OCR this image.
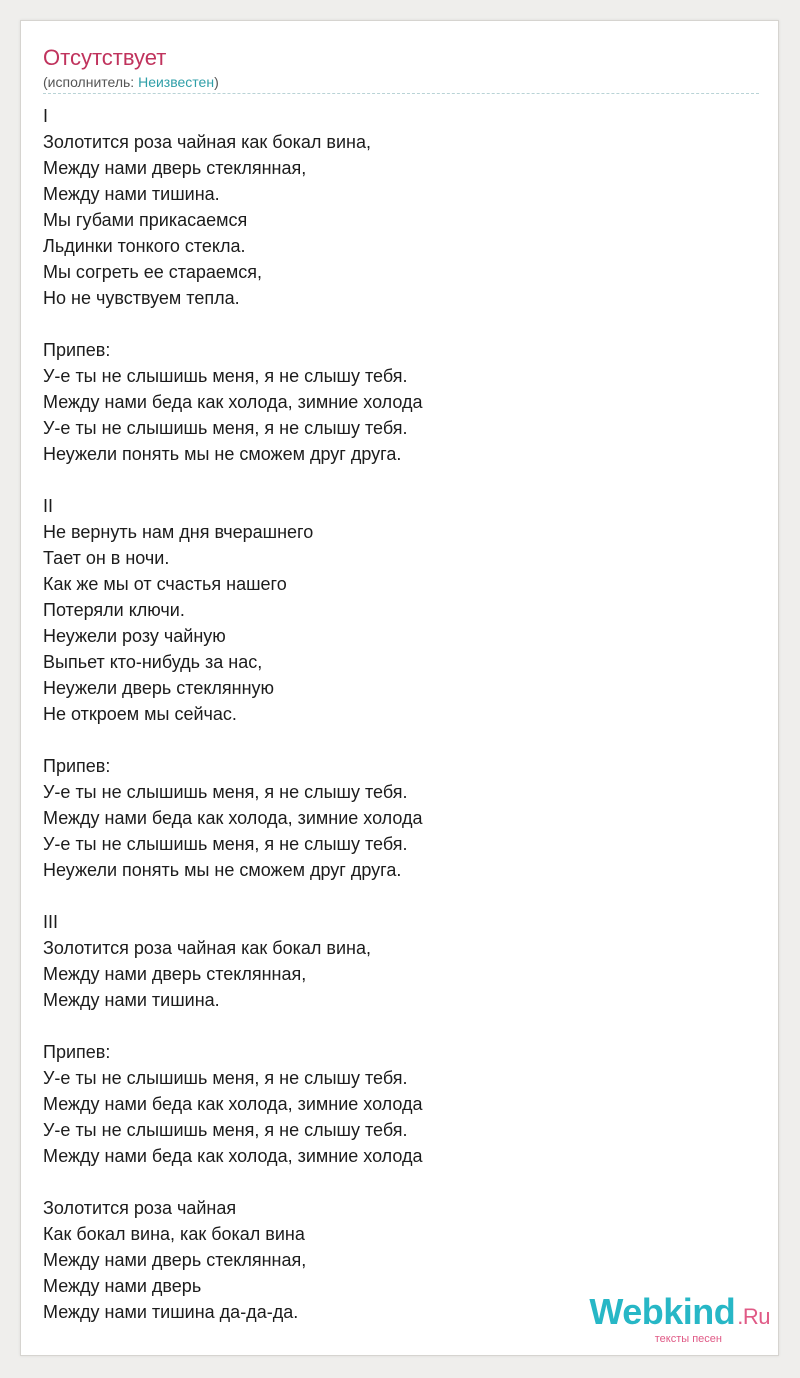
Отсутствует
(исполнитель: Неизвестен)
I
Золотится роза чайная как бокал вина,
Между нами дверь стеклянная,
Между нами тишина.
Мы губами прикасаемся
Льдинки тонкого стекла.
Мы согреть ее стараемся,
Но не чувствуем тепла.
Припев:
У-е ты не слышишь меня, я не слышу тебя.
Между нами беда как холода, зимние холода
У-е ты не слышишь меня, я не слышу тебя.
Неужели понять мы не сможем друг друга.
II
Не вернуть нам дня вчерашнего
Тает он в ночи.
Как же мы от счастья нашего
Потеряли ключи.
Неужели розу чайную
Выпьет кто-нибудь за нас,
Неужели дверь стеклянную
Не откроем мы сейчас.
Припев:
У-е ты не слышишь меня, я не слышу тебя.
Между нами беда как холода, зимние холода
У-е ты не слышишь меня, я не слышу тебя.
Неужели понять мы не сможем друг друга.
III
Золотится роза чайная как бокал вина,
Между нами дверь стеклянная,
Между нами тишина.
Припев:
У-е ты не слышишь меня, я не слышу тебя.
Между нами беда как холода, зимние холода
У-е ты не слышишь меня, я не слышу тебя.
Между нами беда как холода, зимние холода
Золотится роза чайная
Как бокал вина, как бокал вина
Между нами дверь стеклянная,
Между нами дверь
Между нами тишина да-да-да.	Webkind.Ru
тексты песен
